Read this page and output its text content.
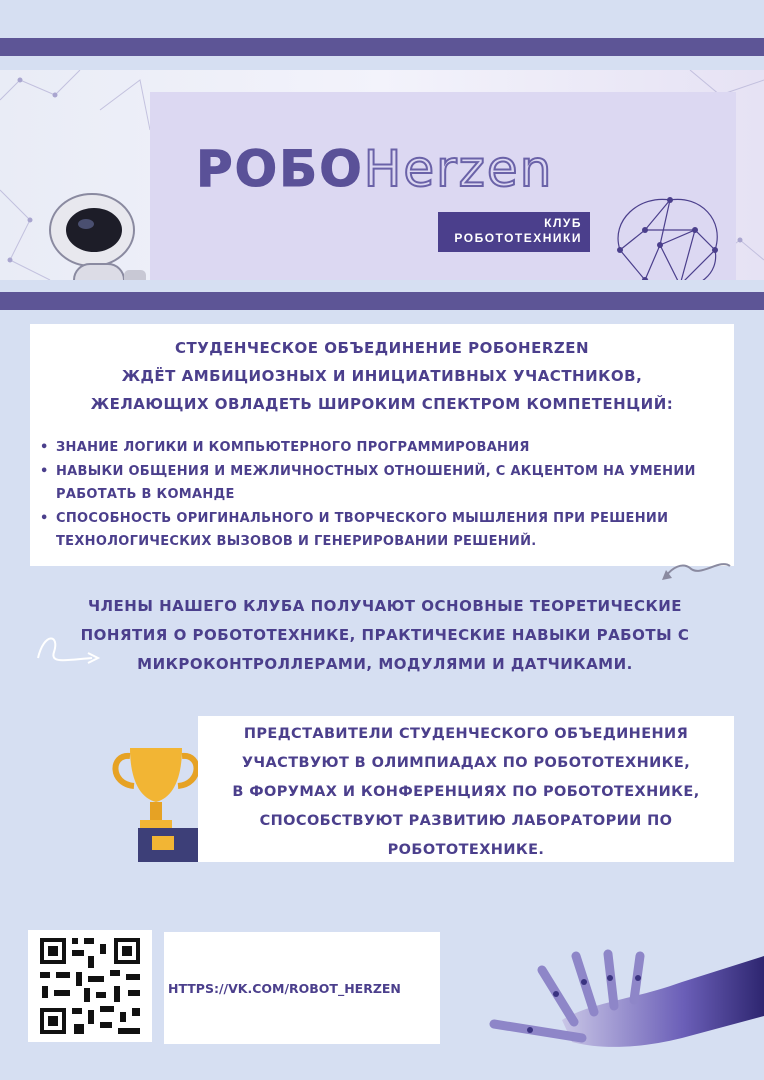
РОБОHerzen
КЛУБ
РОБОТОТЕХНИКИ
СТУДЕНЧЕСКОЕ ОБЪЕДИНЕНИЕ РОБОHERZEN
ЖДЁТ АМБИЦИОЗНЫХ И ИНИЦИАТИВНЫХ УЧАСТНИКОВ,
ЖЕЛАЮЩИХ ОВЛАДЕТЬ ШИРОКИМ СПЕКТРОМ КОМПЕТЕНЦИЙ:
• ЗНАНИЕ ЛОГИКИ И КОМПЬЮТЕРНОГО ПРОГРАММИРОВАНИЯ
• НАВЫКИ ОБЩЕНИЯ И МЕЖЛИЧНОСТНЫХ ОТНОШЕНИЙ, С АКЦЕНТОМ НА УМЕНИИ РАБОТАТЬ В КОМАНДЕ
• СПОСОБНОСТЬ ОРИГИНАЛЬНОГО И ТВОРЧЕСКОГО МЫШЛЕНИЯ ПРИ РЕШЕНИИ ТЕХНОЛОГИЧЕСКИХ ВЫЗОВОВ И ГЕНЕРИРОВАНИИ РЕШЕНИЙ.
ЧЛЕНЫ НАШЕГО КЛУБА ПОЛУЧАЮТ ОСНОВНЫЕ ТЕОРЕТИЧЕСКИЕ
ПОНЯТИЯ О РОБОТОТЕХНИКЕ, ПРАКТИЧЕСКИЕ НАВЫКИ РАБОТЫ С
МИКРОКОНТРОЛЛЕРАМИ, МОДУЛЯМИ И ДАТЧИКАМИ.
ПРЕДСТАВИТЕЛИ СТУДЕНЧЕСКОГО ОБЪЕДИНЕНИЯ
УЧАСТВУЮТ В ОЛИМПИАДАХ ПО РОБОТОТЕХНИКЕ,
В ФОРУМАХ И КОНФЕРЕНЦИЯХ ПО РОБОТОТЕХНИКЕ,
СПОСОБСТВУЮТ РАЗВИТИЮ ЛАБОРАТОРИИ ПО
РОБОТОТЕХНИКЕ.
HTTPS://VK.COM/ROBOT_HERZEN
